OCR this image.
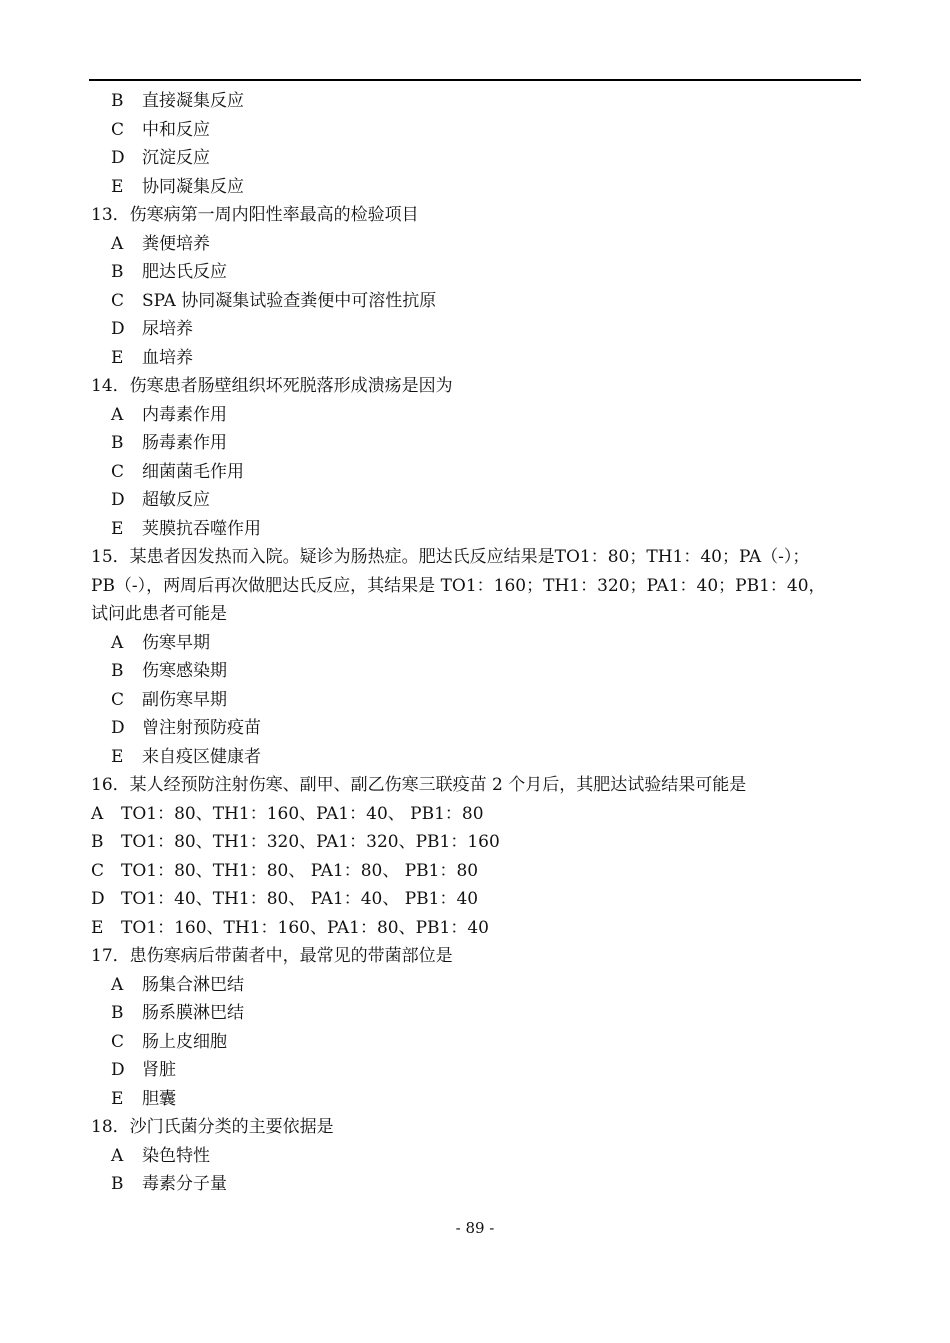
B 直接凝集反应
C 中和反应
D 沉淀反应
E 协同凝集反应
13．伤寒病第一周内阳性率最高的检验项目
A 粪便培养
B 肥达氏反应
C SPA 协同凝集试验查粪便中可溶性抗原
D 尿培养
E 血培养
14．伤寒患者肠壁组织坏死脱落形成溃疡是因为
A 内毒素作用
B 肠毒素作用
C 细菌菌毛作用
D 超敏反应
E 荚膜抗吞噬作用
15．某患者因发热而入院。疑诊为肠热症。肥达氏反应结果是TO1：80；TH1：40；PA（-）；
PB（-），两周后再次做肥达氏反应，其结果是 TO1：160；TH1：320；PA1：40；PB1：40，
试问此患者可能是
A 伤寒早期
B 伤寒感染期
C 副伤寒早期
D 曾注射预防疫苗
E 来自疫区健康者
16．某人经预防注射伤寒、副甲、副乙伤寒三联疫苗 2 个月后，其肥达试验结果可能是
A TO1：80、TH1：160、PA1：40、 PB1：80
B TO1：80、TH1：320、PA1：320、PB1：160
C TO1：80、TH1：80、 PA1：80、 PB1：80
D TO1：40、TH1：80、 PA1：40、 PB1：40
E TO1：160、TH1：160、PA1：80、PB1：40
17．患伤寒病后带菌者中，最常见的带菌部位是
A 肠集合淋巴结
B 肠系膜淋巴结
C 肠上皮细胞
D 肾脏
E 胆囊
18．沙门氏菌分类的主要依据是
A 染色特性
B 毒素分子量
- 89 -
